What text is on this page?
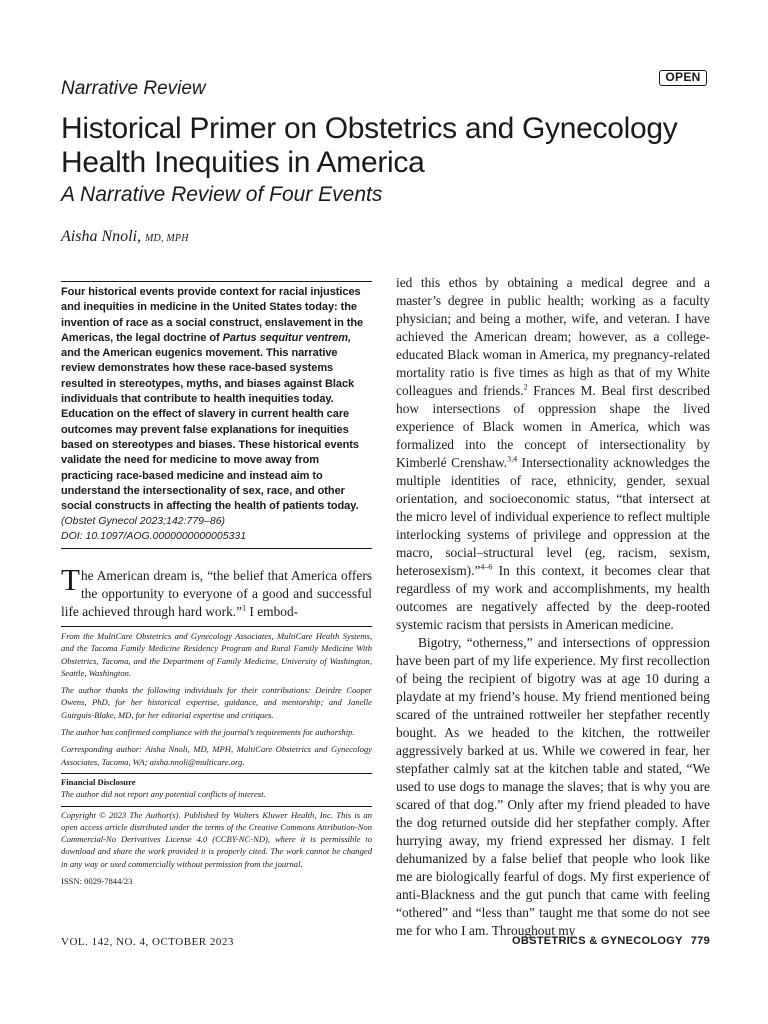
OPEN
Narrative Review
Historical Primer on Obstetrics and Gynecology Health Inequities in America
A Narrative Review of Four Events
Aisha Nnoli, MD, MPH
Four historical events provide context for racial injustices and inequities in medicine in the United States today: the invention of race as a social construct, enslavement in the Americas, the legal doctrine of Partus sequitur ventrem, and the American eugenics movement. This narrative review demonstrates how these race-based systems resulted in stereotypes, myths, and biases against Black individuals that contribute to health inequities today. Education on the effect of slavery in current health care outcomes may prevent false explanations for inequities based on stereotypes and biases. These historical events validate the need for medicine to move away from practicing race-based medicine and instead aim to understand the intersectionality of sex, race, and other social constructs in affecting the health of patients today.
(Obstet Gynecol 2023;142:779–86)
DOI: 10.1097/AOG.0000000000005331
The American dream is, “the belief that America offers the opportunity to everyone of a good and successful life achieved through hard work.”$^1$ I embod-

From the MultiCare Obstetrics and Gynecology Associates, MultiCare Health Systems, and the Tacoma Family Medicine Residency Program and Rural Family Medicine With Obstetrics, Tacoma, and the Department of Family Medicine, University of Washington, Seattle, Washington.

The author thanks the following individuals for their contributions: Deirdre Cooper Owens, PhD, for her historical expertise, guidance, and mentorship; and Janelle Guirguis-Blake, MD, for her editorial expertise and critiques.

The author has confirmed compliance with the journal’s requirements for authorship.

Corresponding author: Aisha Nnoli, MD, MPH, MultiCare Obstetrics and Gynecology Associates, Tacoma, WA; aisha.nnoli@multicare.org.

Financial Disclosure

The author did not report any potential conflicts of interest.

Copyright © 2023 The Author(s). Published by Wolters Kluwer Health, Inc. This is an open access article distributed under the terms of the Creative Commons Attribution-Non Commercial-No Derivatives License 4.0 (CCBY-NC-ND), where it is permissible to download and share the work provided it is properly cited. The work cannot be changed in any way or used commercially without permission from the journal.

ISSN: 0029-7844/23

ied this ethos by obtaining a medical degree and a master’s degree in public health; working as a faculty physician; and being a mother, wife, and veteran. I have achieved the American dream; however, as a college-educated Black woman in America, my pregnancy-related mortality ratio is five times as high as that of my White colleagues and friends.$^2$ Frances M. Beal first described how intersections of oppression shape the lived experience of Black women in America, which was formalized into the concept of intersectionality by Kimberlé Crenshaw.$^{3,4}$ Intersectionality acknowledges the multiple identities of race, ethnicity, gender, sexual orientation, and socioeconomic status, “that intersect at the micro level of individual experience to reflect multiple interlocking systems of privilege and oppression at the macro, social–structural level (eg, racism, sexism, heterosexism).”$^{4-6}$ In this context, it becomes clear that regardless of my work and accomplishments, my health outcomes are negatively affected by the deep-rooted systemic racism that persists in American medicine.

Bigotry, “otherness,” and intersections of oppression have been part of my life experience. My first recollection of being the recipient of bigotry was at age 10 during a playdate at my friend’s house. My friend mentioned being scared of the untrained rottweiler her stepfather recently bought. As we headed to the kitchen, the rottweiler aggressively barked at us. While we cowered in fear, her stepfather calmly sat at the kitchen table and stated, “We used to use dogs to manage the slaves; that is why you are scared of that dog.” Only after my friend pleaded to have the dog returned outside did her stepfather comply. After hurrying away, my friend expressed her dismay. I felt dehumanized by a false belief that people who look like me are biologically fearful of dogs. My first experience of anti-Blackness and the gut punch that came with feeling “othered” and “less than” taught me that some do not see me for who I am. Throughout my

VOL. 142, NO. 4, OCTOBER 2023	OBSTETRICS & GYNECOLOGY 779
